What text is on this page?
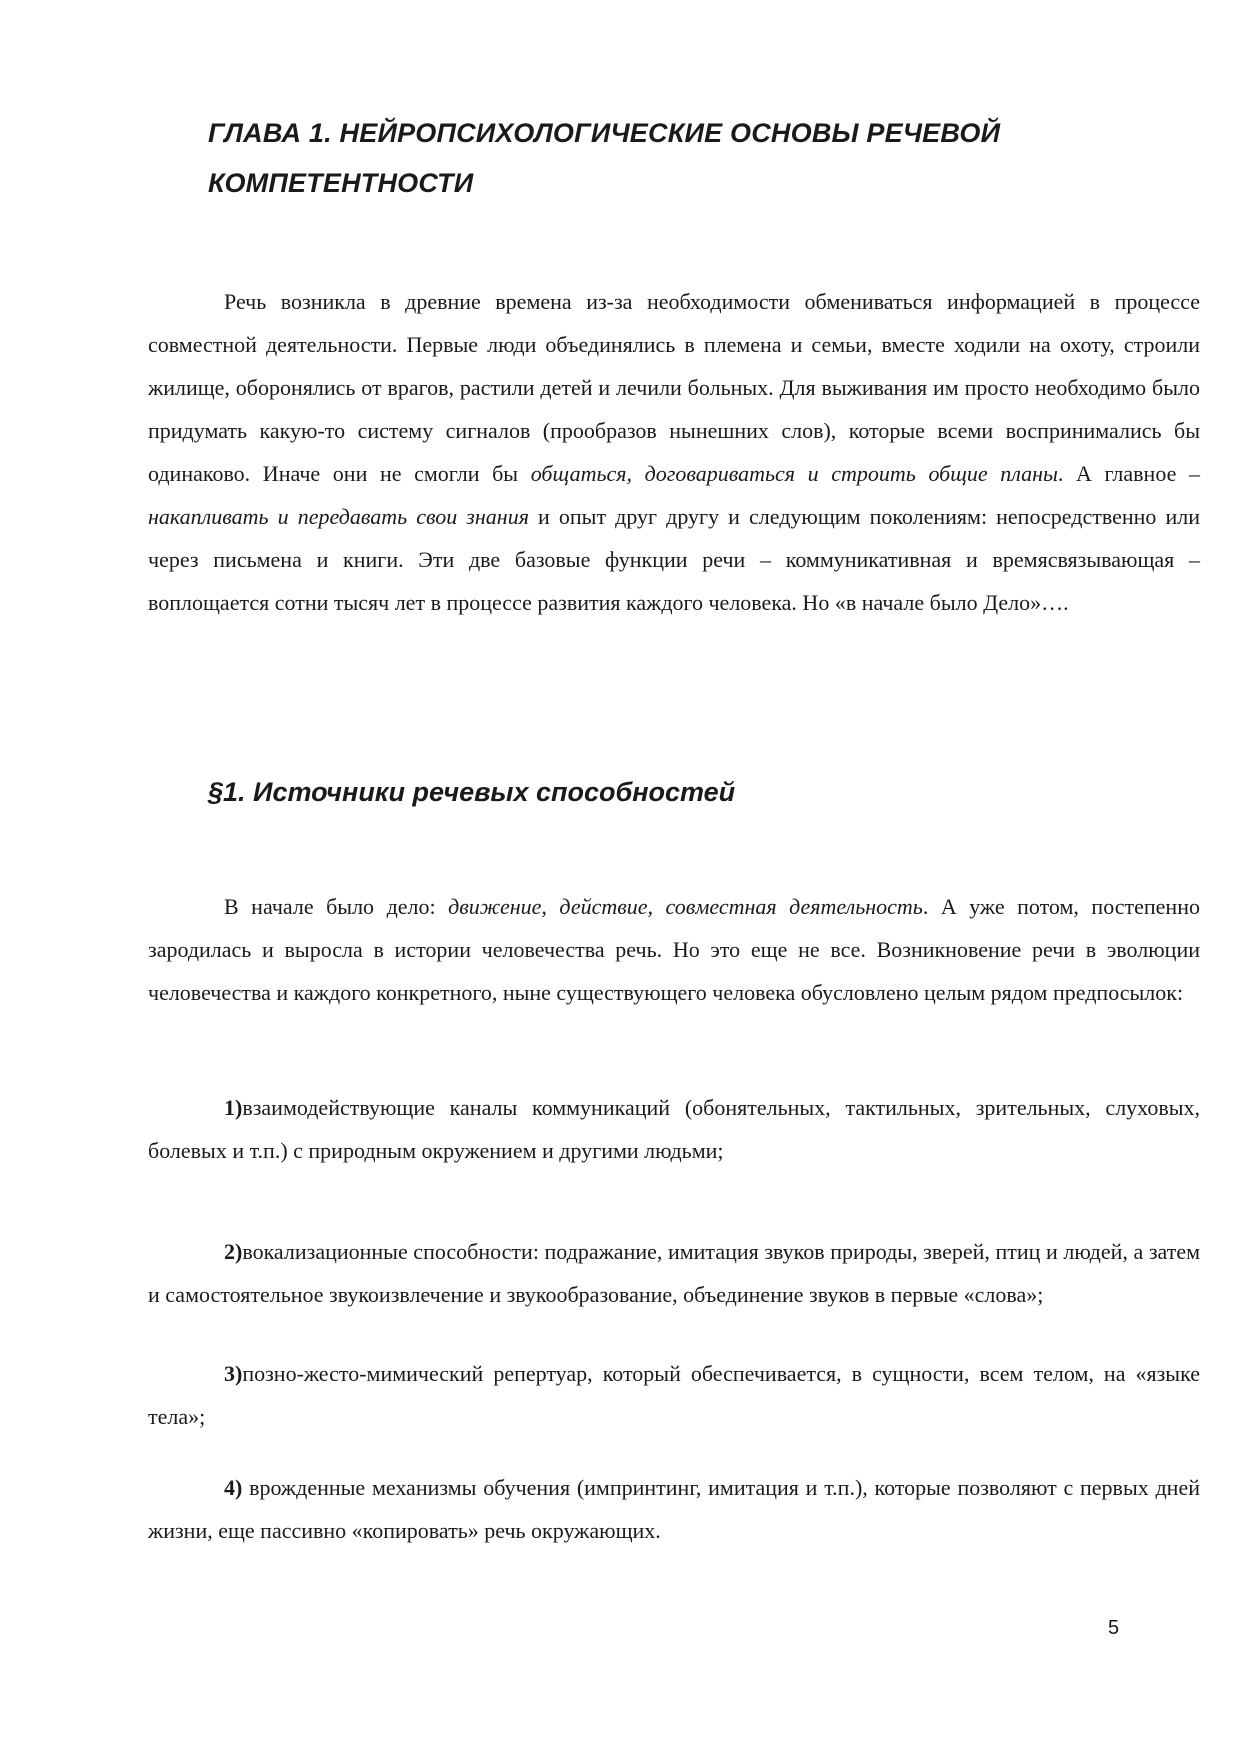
ГЛАВА 1. НЕЙРОПСИХОЛОГИЧЕСКИЕ ОСНОВЫ РЕЧЕВОЙ КОМПЕТЕНТНОСТИ

Речь возникла в древние времена из-за необходимости обмениваться информацией в процессе совместной деятельности. Первые люди объединялись в племена и семьи, вместе ходили на охоту, строили жилище, оборонялись от врагов, растили детей и лечили больных. Для выживания им просто необходимо было придумать какую-то систему сигналов (прообразов нынешних слов), которые всеми воспринимались бы одинаково. Иначе они не смогли бы общаться, договариваться и строить общие планы. А главное – накапливать и передавать свои знания и опыт друг другу и следующим поколениям: непосредственно или через письмена и книги. Эти две базовые функции речи – коммуникативная и времясвязывающая – воплощается сотни тысяч лет в процессе развития каждого человека. Но «в начале было Дело»….

§1. Источники речевых способностей

В начале было дело: движение, действие, совместная деятельность. А уже потом, постепенно зародилась и выросла в истории человечества речь. Но это еще не все. Возникновение речи в эволюции человечества и каждого конкретного, ныне существующего человека обусловлено целым рядом предпосылок:

1)взаимодействующие каналы коммуникаций (обонятельных, тактильных, зрительных, слуховых, болевых и т.п.) с природным окружением и другими людьми;

2)вокализационные способности: подражание, имитация звуков природы, зверей, птиц и людей, а затем и самостоятельное звукоизвлечение и звукообразование, объединение звуков в первые «слова»;

3)позно-жесто-мимический репертуар, который обеспечивается, в сущности, всем телом, на «языке тела»;

4) врожденные механизмы обучения (импринтинг, имитация и т.п.), которые позволяют с первых дней жизни, еще пассивно «копировать» речь окружающих.

5
